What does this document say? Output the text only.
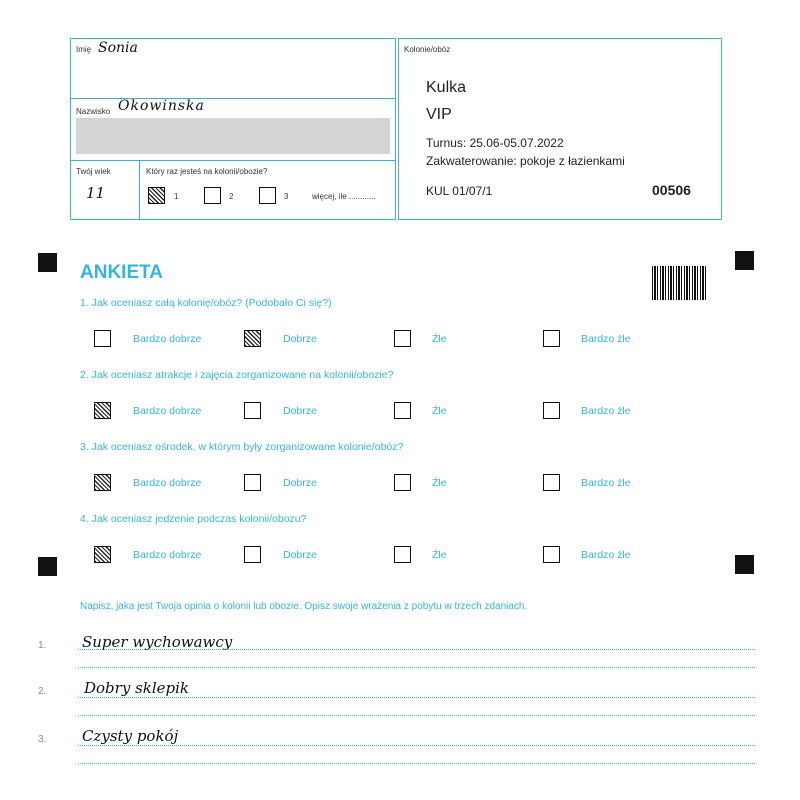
Imię Sonia
Nazwisko Okowinska
Twój wiek
11
Który raz jesteś na kolonii/obozie?
1	2	3	więcej, ile ............
Kolonie/obóz
Kulka
VIP
Turnus: 25.06-05.07.2022
Zakwaterowanie: pokoje z łazienkami
KUL 01/07/1	00506
ANKIETA
1. Jak oceniasz całą kolonię/obóz? (Podobało Ci się?)
Bardzo dobrze	Dobrze	Źle	Bardzo źle
2. Jak oceniasz atrakcje i zajęcia zorganizowane na kolonii/obozie?
Bardzo dobrze	Dobrze	Źle	Bardzo źle
3. Jak oceniasz ośrodek, w którym były zorganizowane kolonie/obóz?
Bardzo dobrze	Dobrze	Źle	Bardzo źle
4. Jak oceniasz jedzenie podczas kolonii/obozu?
Bardzo dobrze	Dobrze	Źle	Bardzo źle
Napisz, jaka jest Twoja opinia o kolonii lub obozie. Opisz swoje wrażenia z pobytu w trzech zdaniach.
1. Super wychowawcy
2.	Dobry sklepik
3. Czysty pokój
